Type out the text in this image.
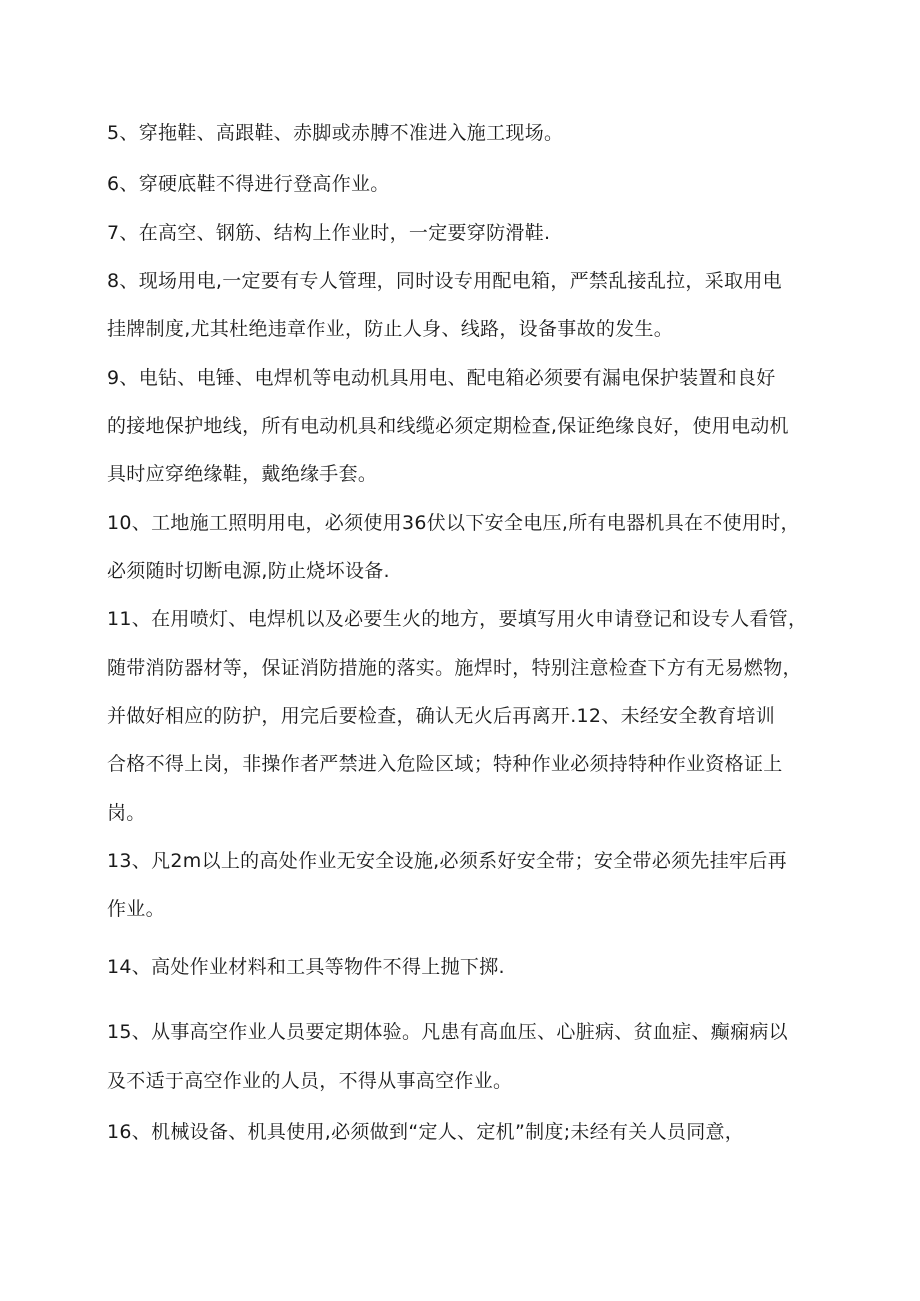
5、穿拖鞋、高跟鞋、赤脚或赤膊不准进入施工现场。
6、穿硬底鞋不得进行登高作业。
7、在高空、钢筋、结构上作业时，一定要穿防滑鞋.
8、现场用电,一定要有专人管理，同时设专用配电箱，严禁乱接乱拉，采取用电
挂牌制度,尤其杜绝违章作业，防止人身、线路，设备事故的发生。
9、电钻、电锤、电焊机等电动机具用电、配电箱必须要有漏电保护装置和良好
的接地保护地线，所有电动机具和线缆必须定期检查,保证绝缘良好，使用电动机
具时应穿绝缘鞋，戴绝缘手套。
10、工地施工照明用电，必须使用36伏以下安全电压,所有电器机具在不使用时，
必须随时切断电源,防止烧坏设备.
11、在用喷灯、电焊机以及必要生火的地方，要填写用火申请登记和设专人看管，
随带消防器材等，保证消防措施的落实。施焊时，特别注意检查下方有无易燃物，
并做好相应的防护，用完后要检查，确认无火后再离开.12、未经安全教育培训
合格不得上岗，非操作者严禁进入危险区域；特种作业必须持特种作业资格证上
岗。
13、凡2m以上的高处作业无安全设施,必须系好安全带；安全带必须先挂牢后再
作业。
14、高处作业材料和工具等物件不得上抛下掷.
15、从事高空作业人员要定期体验。凡患有高血压、心脏病、贫血症、癫痫病以
及不适于高空作业的人员，不得从事高空作业。
16、机械设备、机具使用,必须做到“定人、定机”制度;未经有关人员同意，
